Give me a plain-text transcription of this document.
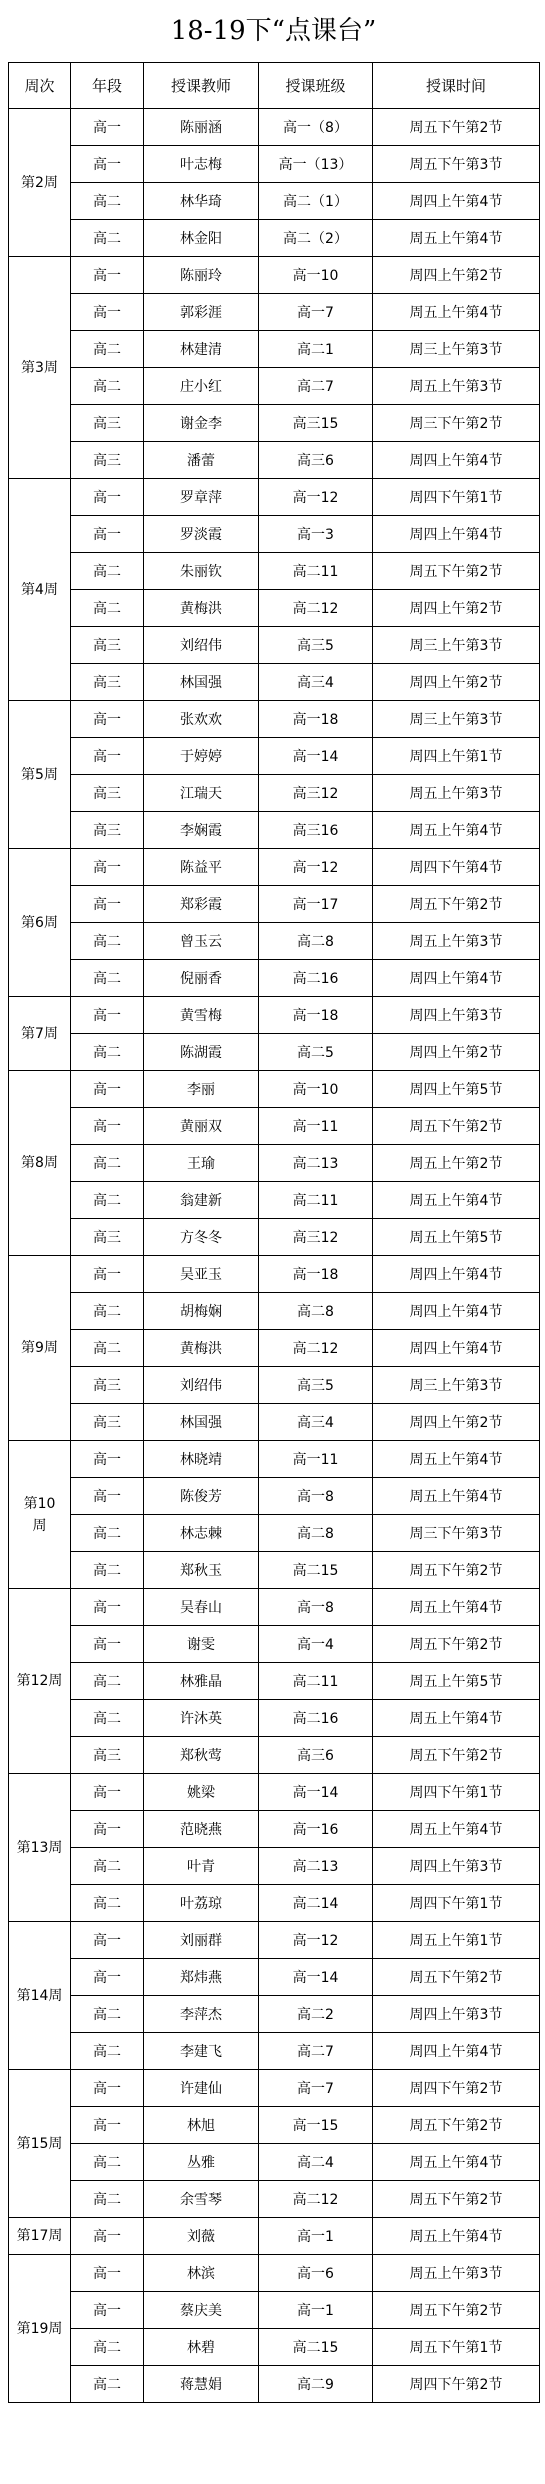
18-19下“点课台”
周次	年段	授课教师	授课班级	授课时间
第2周	高一	陈丽涵	高一（8）	周五下午第2节
	高一	叶志梅	高一（13）	周五下午第3节
	高二	林华琦	高二（1）	周四上午第4节
	高二	林金阳	高二（2）	周五上午第4节
第3周	高一	陈丽玲	高一10	周四上午第2节
	高一	郭彩涯	高一7	周五上午第4节
	高二	林建清	高二1	周三上午第3节
	高二	庄小红	高二7	周五上午第3节
	高三	谢金李	高三15	周三下午第2节
	高三	潘蕾	高三6	周四上午第4节
第4周	高一	罗章萍	高一12	周四下午第1节
	高一	罗淡霞	高一3	周四上午第4节
	高二	朱丽钦	高二11	周五下午第2节
	高二	黄梅洪	高二12	周四上午第2节
	高三	刘绍伟	高三5	周三上午第3节
	高三	林国强	高三4	周四上午第2节
第5周	高一	张欢欢	高一18	周三上午第3节
	高一	于婷婷	高一14	周四上午第1节
	高三	江瑞天	高三12	周五上午第3节
	高三	李娴霞	高三16	周五上午第4节
第6周	高一	陈益平	高一12	周四下午第4节
	高一	郑彩霞	高一17	周五下午第2节
	高二	曾玉云	高二8	周五上午第3节
	高二	倪丽香	高二16	周四上午第4节
第7周	高一	黄雪梅	高一18	周四上午第3节
	高二	陈湖霞	高二5	周四上午第2节
第8周	高一	李丽	高一10	周四上午第5节
	高一	黄丽双	高一11	周五下午第2节
	高二	王瑜	高二13	周五上午第2节
	高二	翁建新	高二11	周五上午第4节
	高三	方冬冬	高三12	周五上午第5节
第9周	高一	吴亚玉	高一18	周四上午第4节
	高二	胡梅娴	高二8	周四上午第4节
	高二	黄梅洪	高二12	周四上午第4节
	高三	刘绍伟	高三5	周三上午第3节
	高三	林国强	高三4	周四上午第2节
第10周	高一	林晓靖	高一11	周五上午第4节
	高一	陈俊芳	高一8	周五上午第4节
	高二	林志棘	高二8	周三下午第3节
	高二	郑秋玉	高二15	周五下午第2节
第12周	高一	吴春山	高一8	周五上午第4节
	高一	谢雯	高一4	周五下午第2节
	高二	林雅晶	高二11	周五上午第5节
	高二	许沐英	高二16	周五上午第4节
	高三	郑秋莺	高三6	周五下午第2节
第13周	高一	姚梁	高一14	周四下午第1节
	高一	范晓燕	高一16	周五上午第4节
	高二	叶青	高二13	周四上午第3节
	高二	叶荔琼	高二14	周四下午第1节
第14周	高一	刘丽群	高一12	周五上午第1节
	高一	郑炜燕	高一14	周五下午第2节
	高二	李萍杰	高二2	周四上午第3节
	高二	李建飞	高二7	周四上午第4节
第15周	高一	许建仙	高一7	周四下午第2节
	高一	林旭	高一15	周五下午第2节
	高二	丛雅	高二4	周五上午第4节
	高二	余雪琴	高二12	周五下午第2节
第17周	高一	刘薇	高一1	周五上午第4节
第19周	高一	林滨	高一6	周五上午第3节
	高一	蔡庆美	高一1	周五下午第2节
	高二	林碧	高二15	周五下午第1节
	高二	蒋慧娟	高二9	周四下午第2节
